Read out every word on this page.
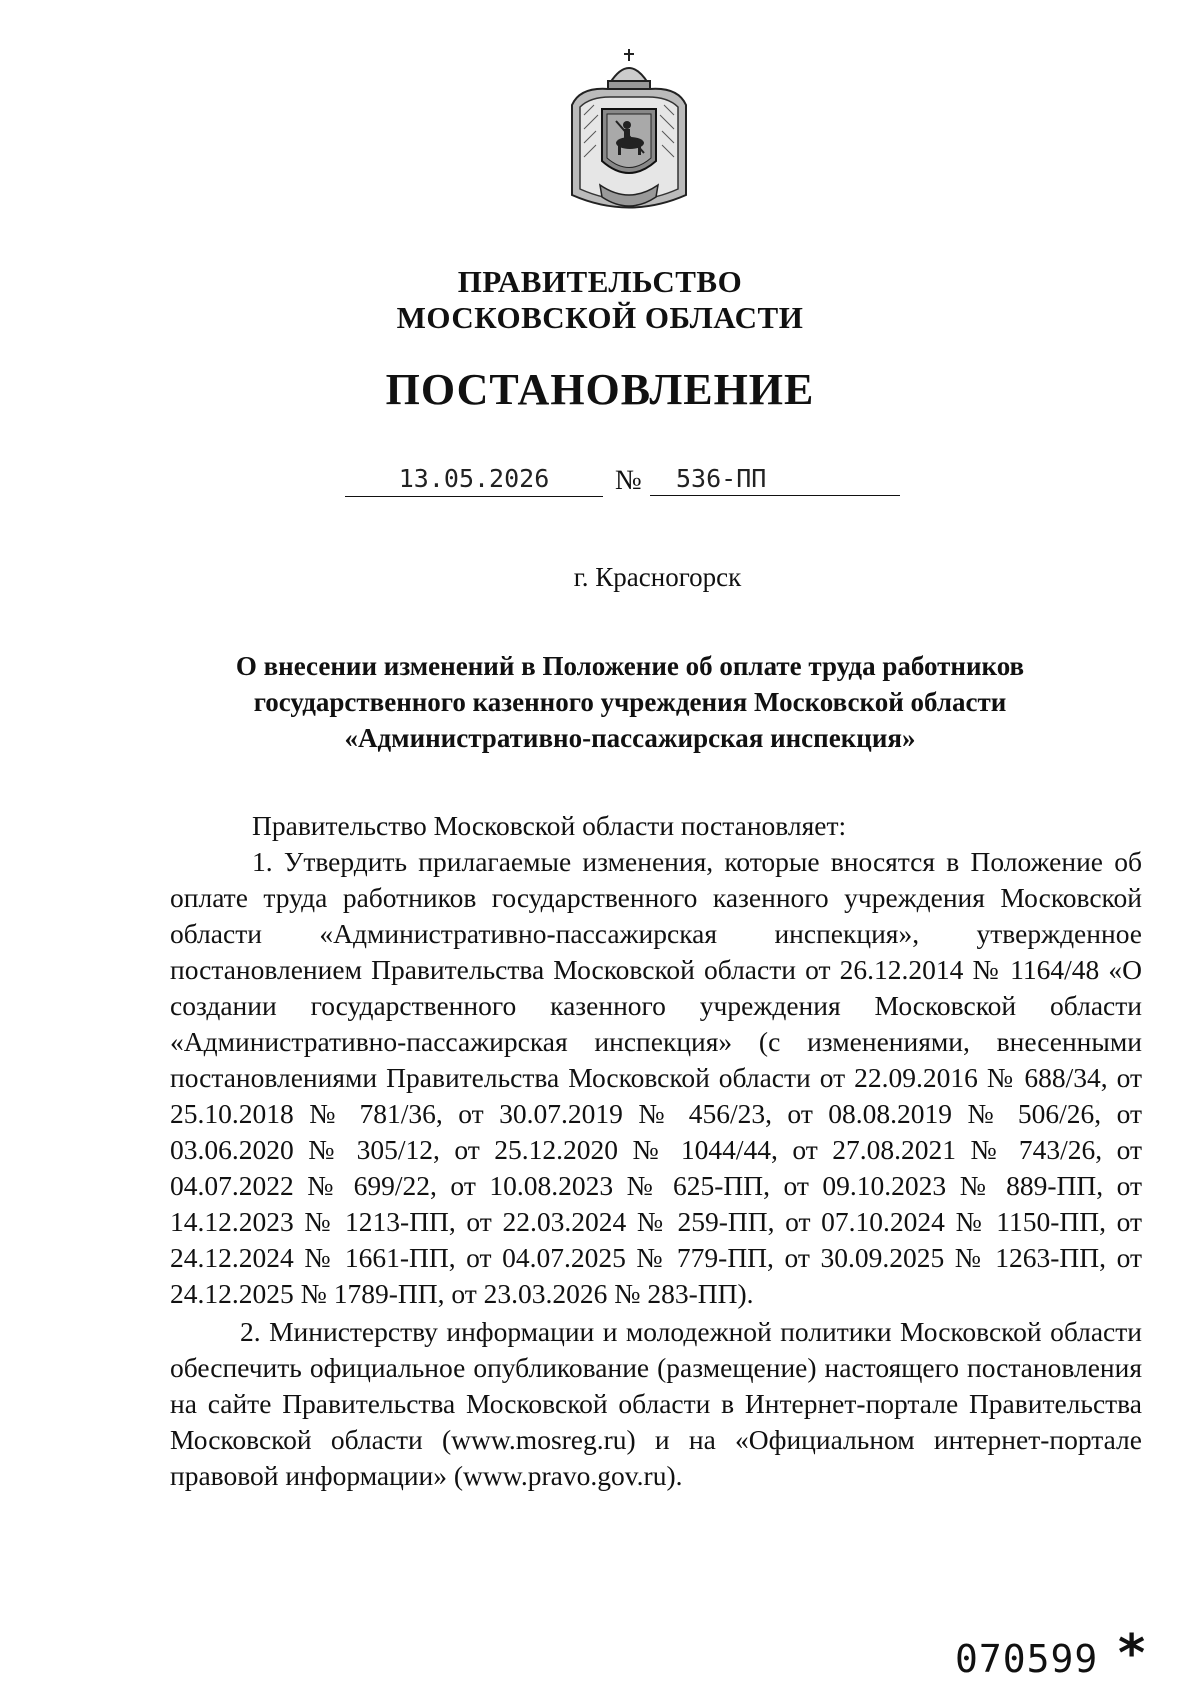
ПРАВИТЕЛЬСТВО
МОСКОВСКОЙ ОБЛАСТИ
ПОСТАНОВЛЕНИЕ
13.05.2026	№	536-ПП
г. Красногорск
О внесении изменений в Положение об оплате труда работников
государственного казенного учреждения Московской области
«Административно-пассажирская инспекция»

Правительство Московской области постановляет:

1. Утвердить прилагаемые изменения, которые вносятся в Положение об оплате труда работников государственного казенного учреждения Московской области «Административно-пассажирская инспекция», утвержденное постановлением Правительства Московской области от 26.12.2014 № 1164/48 «О создании государственного казенного учреждения Московской области «Административно-пассажирская инспекция» (с изменениями, внесенными постановлениями Правительства Московской области от 22.09.2016 № 688/34, от 25.10.2018 № 781/36, от 30.07.2019 № 456/23, от 08.08.2019 № 506/26, от 03.06.2020 № 305/12, от 25.12.2020 № 1044/44, от 27.08.2021 № 743/26, от 04.07.2022 № 699/22, от 10.08.2023 № 625-ПП, от 09.10.2023 № 889-ПП, от 14.12.2023 № 1213-ПП, от 22.03.2024 № 259-ПП, от 07.10.2024 № 1150-ПП, от 24.12.2024 № 1661-ПП, от 04.07.2025 № 779-ПП, от 30.09.2025 № 1263-ПП, от 24.12.2025 № 1789-ПП, от 23.03.2026 № 283-ПП).

2. Министерству информации и молодежной политики Московской области обеспечить официальное опубликование (размещение) настоящего постановления на сайте Правительства Московской области в Интернет-портале Правительства Московской области (www.mosreg.ru) и на «Официальном интернет-портале правовой информации» (www.pravo.gov.ru).

070599 *
